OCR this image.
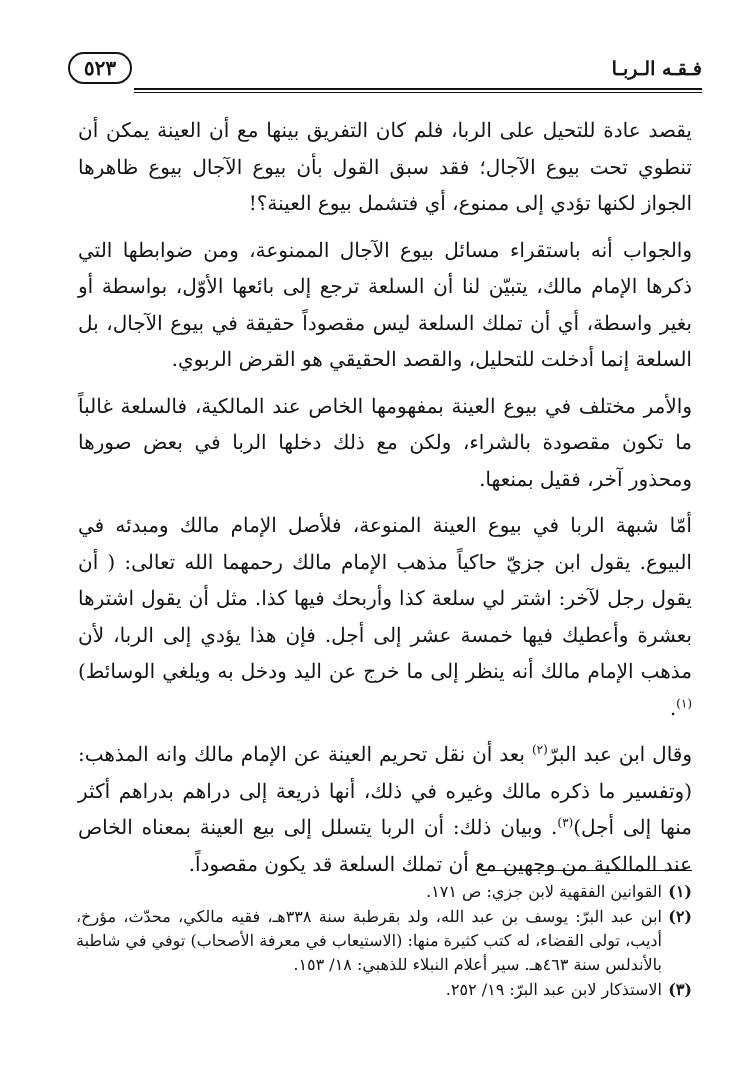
فـقـه الـربـا
٥٢٣

يقصد عادة للتحيل على الربا، فلم كان التفريق بينها مع أن العينة يمكن أن تنطوي تحت بيوع الآجال؛ فقد سبق القول بأن بيوع الآجال بيوع ظاهرها الجواز لكنها تؤدي إلى ممنوع، أي فتشمل بيوع العينة؟!

والجواب أنه باستقراء مسائل بيوع الآجال الممنوعة، ومن ضوابطها التي ذكرها الإمام مالك، يتبيّن لنا أن السلعة ترجع إلى بائعها الأوّل، بواسطة أو بغير واسطة، أي أن تملك السلعة ليس مقصوداً حقيقة في بيوع الآجال، بل السلعة إنما أدخلت للتحليل، والقصد الحقيقي هو القرض الربوي.

والأمر مختلف في بيوع العينة بمفهومها الخاص عند المالكية، فالسلعة غالباً ما تكون مقصودة بالشراء، ولكن مع ذلك دخلها الربا في بعض صورها ومحذور آخر، فقيل بمنعها.

أمّا شبهة الربا في بيوع العينة المنوعة، فلأصل الإمام مالك ومبدئه في البيوع. يقول ابن جزيّ حاكياً مذهب الإمام مالك رحمهما الله تعالى: ( أن يقول رجل لآخر: اشتر لي سلعة كذا وأربحك فيها كذا. مثل أن يقول اشترها بعشرة وأعطيك فيها خمسة عشر إلى أجل. فإن هذا يؤدي إلى الربا، لأن مذهب الإمام مالك أنه ينظر إلى ما خرج عن اليد ودخل به ويلغي الوسائط)$^{(١)}$.

وقال ابن عبد البرّ$^{(٢)}$ بعد أن نقل تحريم العينة عن الإمام مالك وانه المذهب: (وتفسير ما ذكره مالك وغيره في ذلك، أنها ذريعة إلى دراهم بدراهم أكثر منها إلى أجل)$^{(٣)}$. وبيان ذلك: أن الربا يتسلل إلى بيع العينة بمعناه الخاص عند المالكية من وجهين مع أن تملك السلعة قد يكون مقصوداً.

(١)
القوانين الفقهية لابن جزي: ص ١٧١.
(٢)
ابن عبد البرّ: يوسف بن عبد الله، ولد بقرطبة سنة ٣٣٨هـ، فقيه مالكي، محدّث، مؤرخ، أديب، تولى القضاء، له كتب كثيرة منها: (الاستيعاب في معرفة الأصحاب) توفي في شاطبة بالأندلس سنة ٤٦٣هـ. سير أعلام النبلاء للذهبي: ١٨/ ١٥٣.
(٣)
الاستذكار لابن عبد البرّ: ١٩/ ٢٥٢.
